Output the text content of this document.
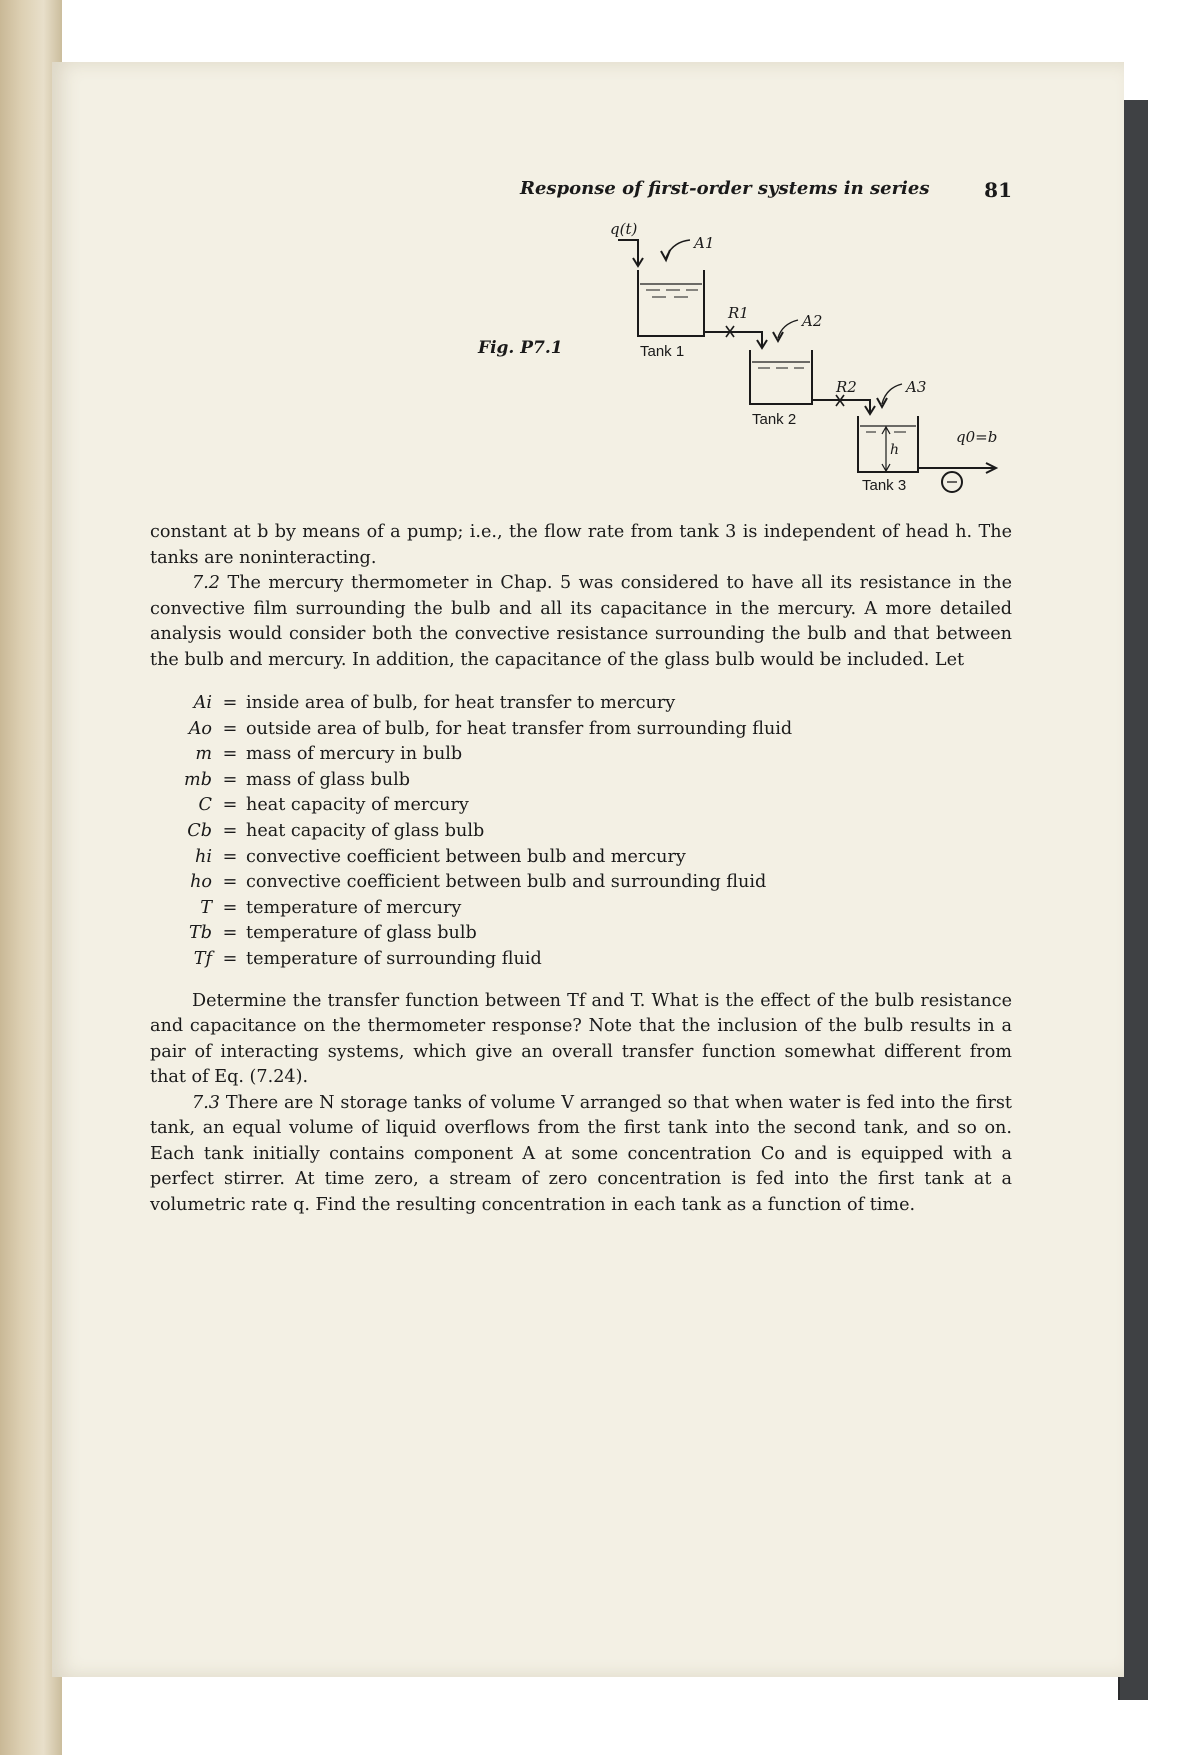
Response of first-order systems in series	81
Fig. P7.1
q(t)
A1
R1	A2
R2	A3
Tank 1
Tank 2
Tank 3
h
q0=b
constant at b by means of a pump; i.e., the flow rate from tank 3 is independent of head h. The tanks are noninteracting.
7.2 The mercury thermometer in Chap. 5 was considered to have all its resistance in the convective film surrounding the bulb and all its capacitance in the mercury. A more detailed analysis would consider both the convective resistance surrounding the bulb and that between the bulb and mercury. In addition, the capacitance of the glass bulb would be included. Let
Ai = inside area of bulb, for heat transfer to mercury
Ao = outside area of bulb, for heat transfer from surrounding fluid
m = mass of mercury in bulb
mb = mass of glass bulb
C = heat capacity of mercury
Cb = heat capacity of glass bulb
hi = convective coefficient between bulb and mercury
ho = convective coefficient between bulb and surrounding fluid
T = temperature of mercury
Tb = temperature of glass bulb
Tf = temperature of surrounding fluid
Determine the transfer function between Tf and T. What is the effect of the bulb resistance and capacitance on the thermometer response? Note that the inclusion of the bulb results in a pair of interacting systems, which give an overall transfer function somewhat different from that of Eq. (7.24).
7.3 There are N storage tanks of volume V arranged so that when water is fed into the first tank, an equal volume of liquid overflows from the first tank into the second tank, and so on. Each tank initially contains component A at some concentration Co and is equipped with a perfect stirrer. At time zero, a stream of zero concentration is fed into the first tank at a volumetric rate q. Find the resulting concentration in each tank as a function of time.
